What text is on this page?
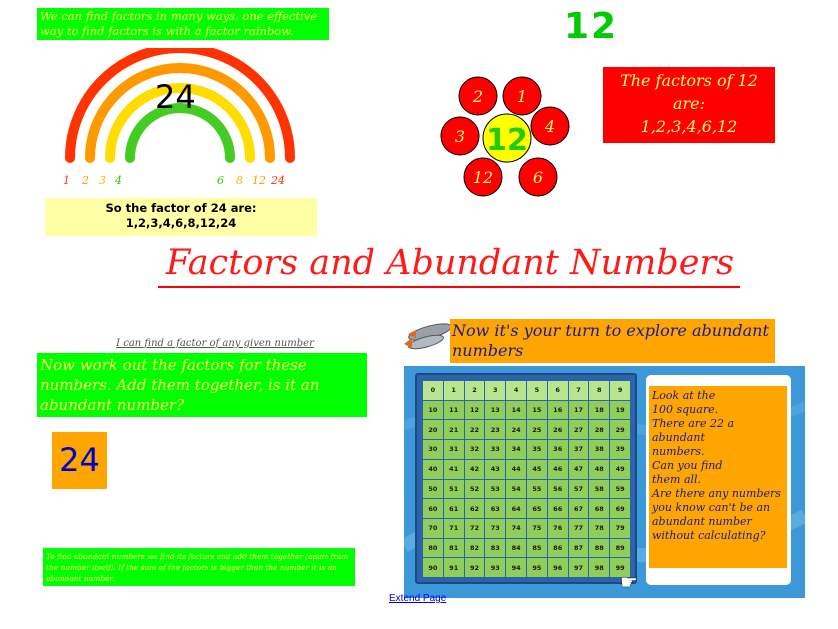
We can find factors in many ways, one effective way to find factors is with a factor rainbow.
24
1 2 3 4	6 8 12 24
So the factor of 24 are:
1,2,3,4,6,8,12,24
12
2 1
4
6
12
3 12
The factors of 12
are:
1,2,3,4,6,12
Factors and Abundant Numbers
I can find a factor of any given number
Now work out the factors for these numbers. Add them together, is it an abundant number?
24
To find abundant numbers we find its factors and add them together (apart from the number itself). If the sum of the factors is bigger than the number it is an abundant number.
Now it's your turn to explore abundant numbers
0	1	2	3	4	5	6	7	8	9
10	11	12	13	14	15	16	17	18	19
20	21	22	23	24	25	26	27	28	29
30	31	32	33	34	35	36	37	38	39
40	41	42	43	44	45	46	47	48	49
50	51	52	53	54	55	56	57	58	59
60	61	62	63	64	65	66	67	68	69
70	71	72	73	74	75	76	77	78	79
80	81	82	83	84	85	86	87	88	89
90	91	92	93	94	95	96	97	98	99
☛
Look at the
100 square.
There are 22 a
abundant
numbers.
Can you find
them all.
Are there any numbers
you know can't be an
abundant number
without calculating?
Extend Page
